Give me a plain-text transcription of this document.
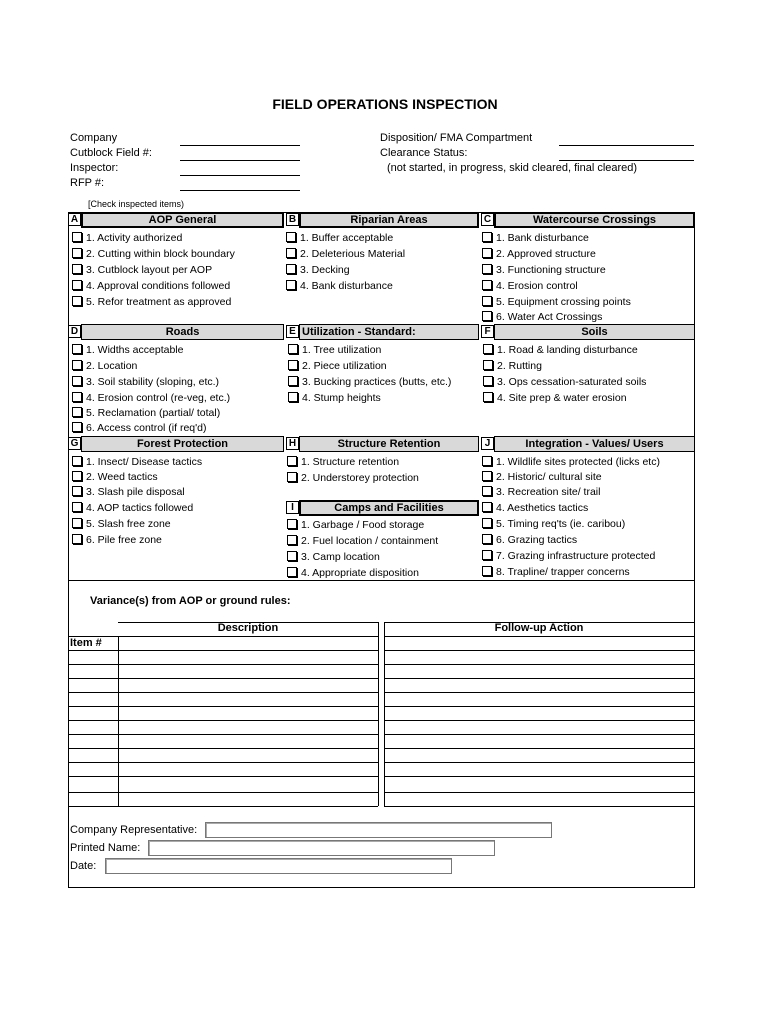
FIELD OPERATIONS INSPECTION
Company
Cutblock Field #:
Inspector:
RFP #:
Disposition/ FMA Compartment
Clearance Status:
(not started, in progress, skid cleared, final cleared)
[Check inspected items)
A	AOP General	B	Riparian Areas	C	Watercourse Crossings
1. Activity authorized
2. Cutting within block boundary
3. Cutblock layout per AOP
4. Approval conditions followed
5. Refor treatment as approved
1. Buffer acceptable
2. Deleterious Material
3. Decking
4. Bank disturbance
1. Bank disturbance
2. Approved structure
3. Functioning structure
4. Erosion control
5. Equipment crossing points
6. Water Act Crossings
D	Roads	E Utilization - Standard:	F	Soils
1. Widths acceptable
2. Location
3. Soil stability (sloping, etc.)
4. Erosion control (re-veg, etc.)
5. Reclamation (partial/ total)
6. Access control (if req'd)
1. Tree utilization
2. Piece utilization
3. Bucking practices (butts, etc.)
4. Stump heights
1. Road & landing disturbance
2. Rutting
3. Ops cessation-saturated soils
4. Site prep & water erosion
G	Forest Protection	H	Structure Retention	J	Integration - Values/ Users
1. Insect/ Disease tactics
2. Weed tactics
3. Slash pile disposal
4. AOP tactics followed
5. Slash free zone
6. Pile free zone
1. Structure retention
2. Understorey protection
I	Camps and Facilities
1. Garbage / Food storage
2. Fuel location / containment
3. Camp location
4. Appropriate disposition
1. Wildlife sites protected (licks etc)
2. Historic/ cultural site
3. Recreation site/ trail
4. Aesthetics tactics
5. Timing req'ts (ie. caribou)
6. Grazing tactics
7. Grazing infrastructure protected
8. Trapline/ trapper concerns
Variance(s) from AOP or ground rules:
Description	Follow-up Action
Item #
Company Representative:
Printed Name:
Date:
